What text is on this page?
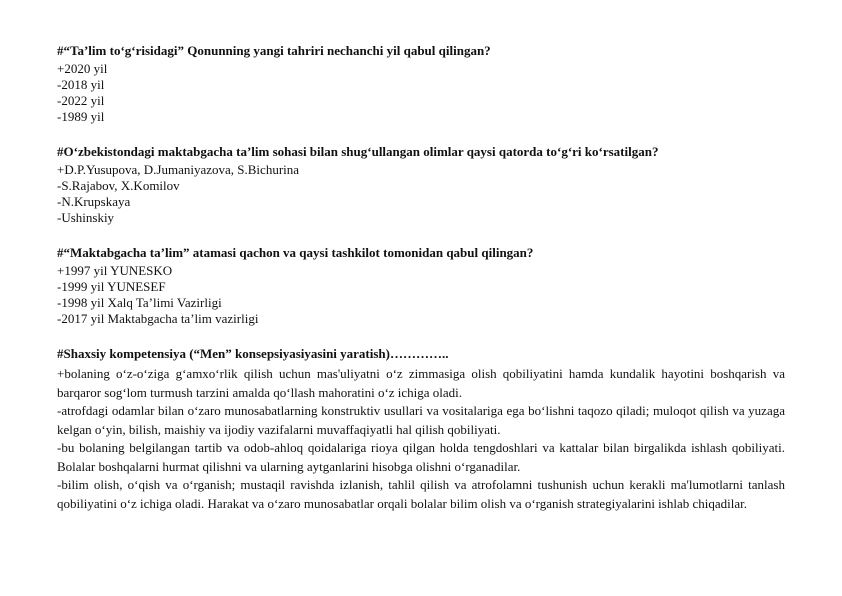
#“Ta’lim to‘g‘risidagi” Qonunning yangi tahriri nechanchi yil qabul qilingan?

+2020 yil

-2018 yil

-2022 yil

-1989 yil

#O‘zbekistondagi maktabgacha ta’lim sohasi bilan shug‘ullangan olimlar qaysi qatorda to‘g‘ri ko‘rsatilgan?

+D.P.Yusupova, D.Jumaniyazova, S.Bichurina

-S.Rajabov, X.Komilov

-N.Krupskaya

-Ushinskiy

#“Maktabgacha ta’lim” atamasi qachon va qaysi tashkilot tomonidan qabul qilingan?

+1997 yil YUNESKO

-1999 yil YUNESEF

-1998 yil Xalq Ta’limi Vazirligi

-2017 yil Maktabgacha ta’lim vazirligi

#Shaxsiy kompetensiya (“Men” konsepsiyasiyasini yaratish)…………..

+bolaning o‘z-o‘ziga g‘amxo‘rlik qilish uchun mas'uliyatni o‘z zimmasiga olish qobiliyatini hamda kundalik hayotini boshqarish va barqaror sog‘lom turmush tarzini amalda qo‘llash mahoratini o‘z ichiga oladi.

-atrofdagi odamlar bilan o‘zaro munosabatlarning konstruktiv usullari va vositalariga ega bo‘lishni taqozo qiladi; muloqot qilish va yuzaga kelgan o‘yin, bilish, maishiy va ijodiy vazifalarni muvaffaqiyatli hal qilish qobiliyati.

-bu bolaning belgilangan tartib va odob-ahloq qoidalariga rioya qilgan holda tengdoshlari va kattalar bilan birgalikda ishlash qobiliyati. Bolalar boshqalarni hurmat qilishni va ularning aytganlarini hisobga olishni o‘rganadilar.

-bilim olish, o‘qish va o‘rganish; mustaqil ravishda izlanish, tahlil qilish va atrofolamni tushunish uchun kerakli ma'lumotlarni tanlash qobiliyatini o‘z ichiga oladi. Harakat va o‘zaro munosabatlar orqali bolalar bilim olish va o‘rganish strategiyalarini ishlab chiqadilar.
